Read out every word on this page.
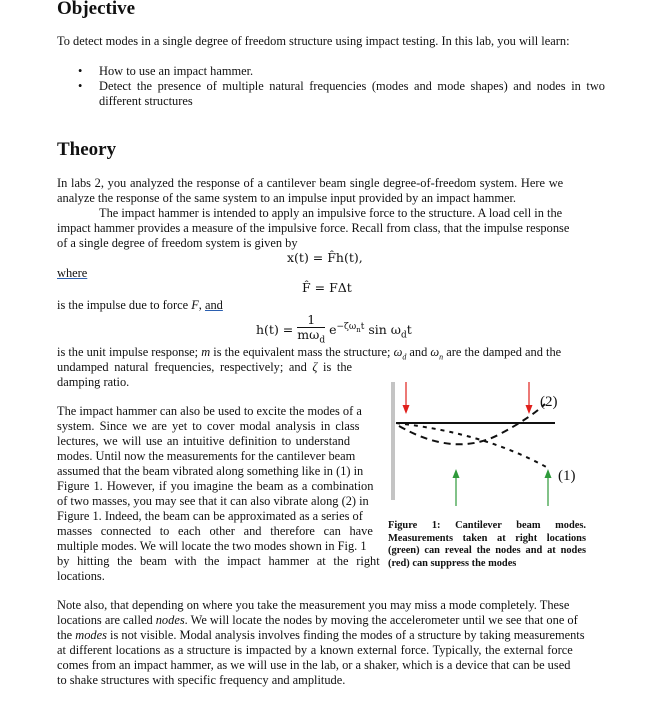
Objective
To detect modes in a single degree of freedom structure using impact testing. In this lab, you will learn:
• How to use an impact hammer.
• Detect the presence of multiple natural frequencies (modes and mode shapes) and nodes in two different structures
Theory
In labs 2, you analyzed the response of a cantilever beam single degree-of-freedom system. Here we
analyze the response of the same system to an impulse input provided by an impact hammer.
The impact hammer is intended to apply an impulsive force to the structure. A load cell in the
impact hammer provides a measure of the impulsive force. Recall from class, that the impulse response
of a single degree of freedom system is given by
x(t) = F̂h(t),
where
F̂ = FΔt
is the impulse due to force F, and
$h(t) = \frac{1}{m\omega_d} e^{-\zeta\omega_nt}$ $\sin \omega_dt$
is the unit impulse response; m is the equivalent mass the structure; $\omega_d$ and $\omega_n$ are the damped and the
undamped natural frequencies, respectively; and ζ is the
damping ratio.
The impact hammer can also be used to excite the modes of a
system. Since we are yet to cover modal analysis in class
lectures, we will use an intuitive definition to understand
modes. Until now the measurements for the cantilever beam
assumed that the beam vibrated along something like in (1) in
Figure 1. However, if you imagine the beam as a combination
of two masses, you may see that it can also vibrate along (2) in
Figure 1. Indeed, the beam can be approximated as a series of
masses connected to each other and therefore can have
multiple modes. We will locate the two modes shown in Fig. 1
by hitting the beam with the impact hammer at the right
locations.
(2)
(1)
Figure 1: Cantilever beam modes. Measurements taken at right locations (green) can reveal the nodes and at nodes (red) can suppress the modes
Note also, that depending on where you take the measurement you may miss a mode completely. These
locations are called nodes. We will locate the nodes by moving the accelerometer until we see that one of
the modes is not visible. Modal analysis involves finding the modes of a structure by taking measurements
at different locations as a structure is impacted by a known external force. Typically, the external force
comes from an impact hammer, as we will use in the lab, or a shaker, which is a device that can be used
to shake structures with specific frequency and amplitude.
